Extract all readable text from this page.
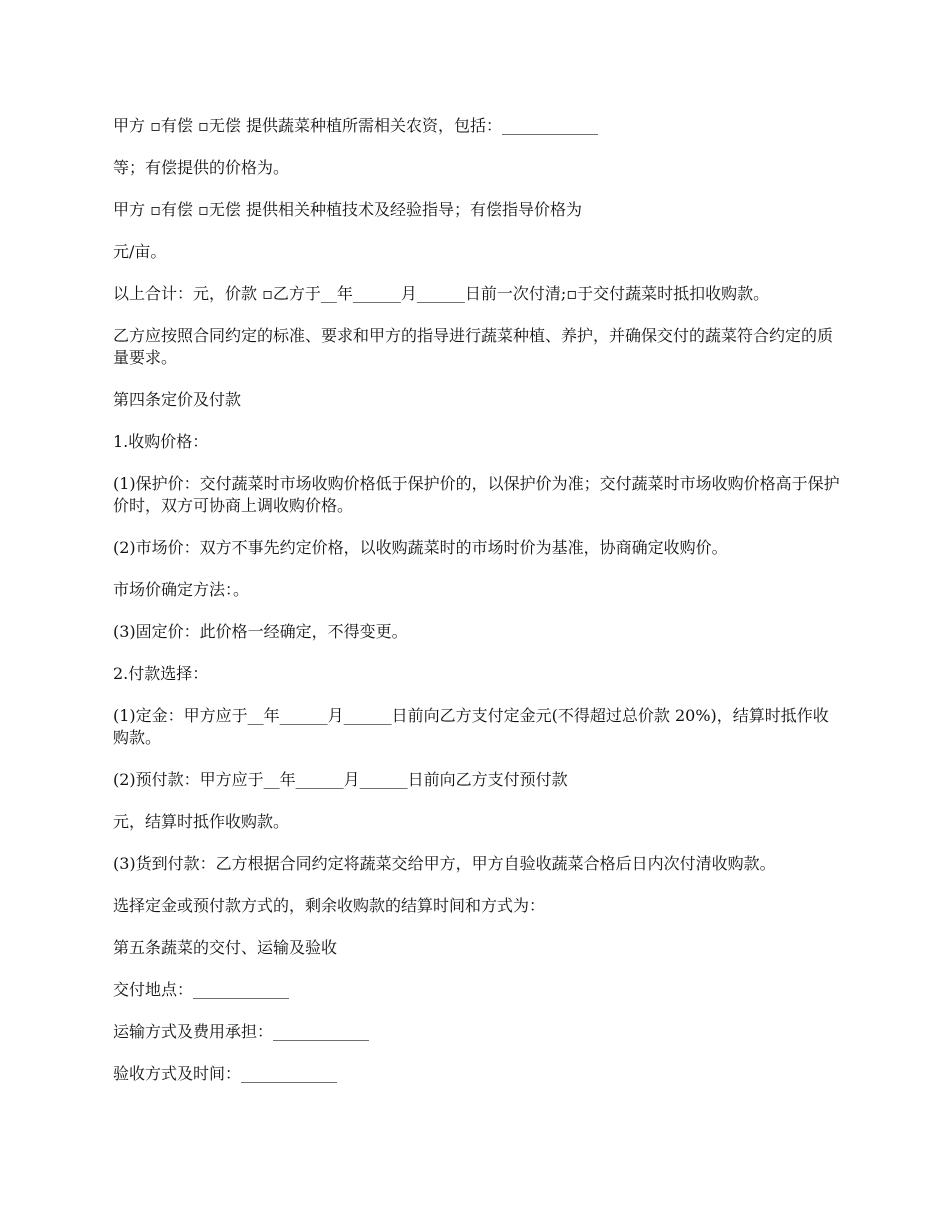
甲方 ▫有偿 ▫无偿 提供蔬菜种植所需相关农资，包括：____________

等；有偿提供的价格为。

甲方 ▫有偿 ▫无偿 提供相关种植技术及经验指导；有偿指导价格为

元/亩。

以上合计：元，价款 ▫乙方于__年______月______日前一次付清;▫于交付蔬菜时抵扣收购款。

乙方应按照合同约定的标准、要求和甲方的指导进行蔬菜种植、养护，并确保交付的蔬菜符合约定的质量要求。

第四条定价及付款

1.收购价格：

(1)保护价：交付蔬菜时市场收购价格低于保护价的，以保护价为准；交付蔬菜时市场收购价格高于保护价时，双方可协商上调收购价格。

(2)市场价：双方不事先约定价格，以收购蔬菜时的市场时价为基准，协商确定收购价。

市场价确定方法：。

(3)固定价：此价格一经确定，不得变更。

2.付款选择：

(1)定金：甲方应于__年______月______日前向乙方支付定金元(不得超过总价款 20%)，结算时抵作收购款。

(2)预付款：甲方应于__年______月______日前向乙方支付预付款

元，结算时抵作收购款。

(3)货到付款：乙方根据合同约定将蔬菜交给甲方，甲方自验收蔬菜合格后日内次付清收购款。

选择定金或预付款方式的，剩余收购款的结算时间和方式为：

第五条蔬菜的交付、运输及验收

交付地点：____________

运输方式及费用承担：____________

验收方式及时间：____________
